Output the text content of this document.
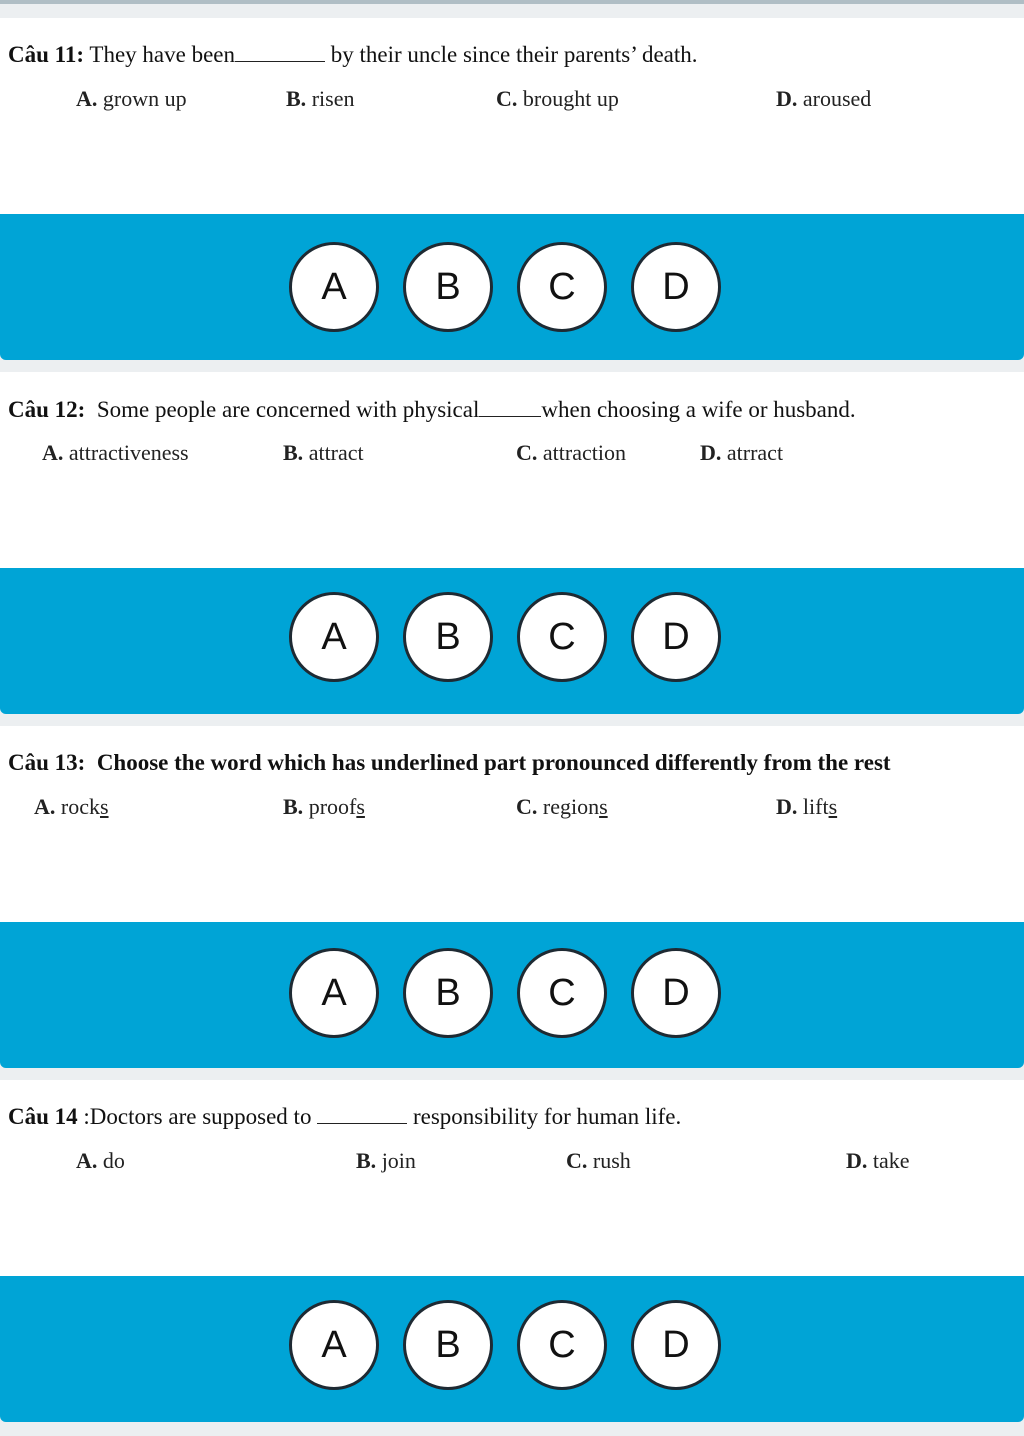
Câu 11: They have been	by their uncle since their parents’ death.
A. grown up	B. risen	C. brought up	D. aroused
A	B	C	D
Câu 12: Some people are concerned with physical	when choosing a wife or husband.
A. attractiveness	B. attract	C. attraction	D. atrract
A	B	C	D
Câu 13: Choose the word which has underlined part pronounced differently from the rest
A. rocks	B. proofs	C. regions	D. lifts
A	B	C	D
Câu 14 :Doctors are supposed to	responsibility for human life.
A. do	B. join	C. rush	D. take
A	B	C	D
